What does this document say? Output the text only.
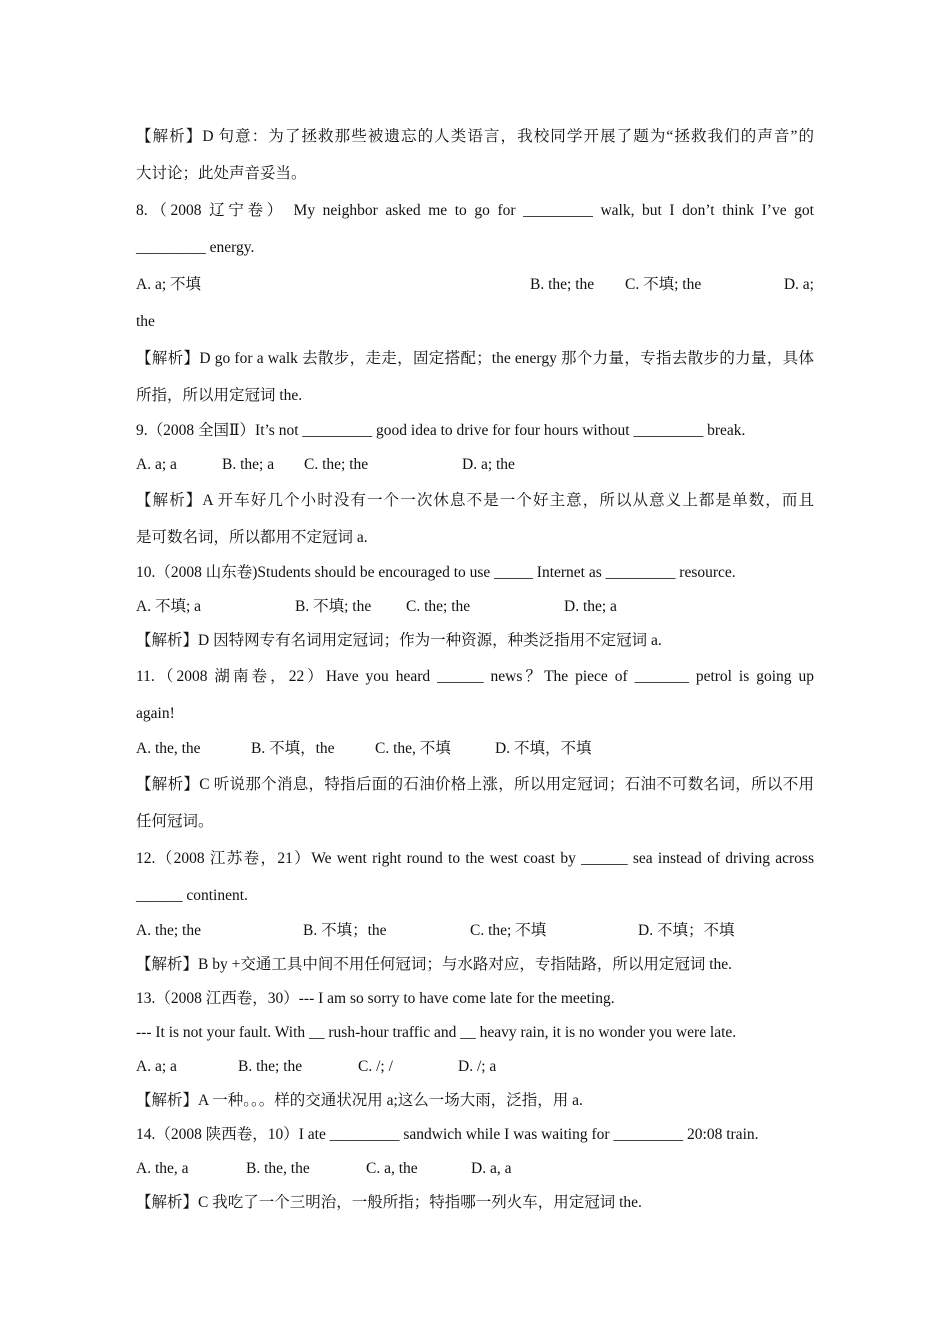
【解析】D 句意：为了拯救那些被遗忘的人类语言，我校同学开展了题为“拯救我们的声音”的
大讨论；此处声音妥当。
8.（2008 辽宁卷） My neighbor asked me to go for _________ walk, but I don’t think I’ve got
_________ energy.
A. a; 不填	B. the; the C. 不填; the	D. a;
the
【解析】D go for a walk 去散步，走走，固定搭配；the energy 那个力量，专指去散步的力量，具体
所指，所以用定冠词 the.
9.（2008 全国Ⅱ）It’s not _________ good idea to drive for four hours without _________ break.
A. a; a	B. the; a C. the; the	D. a; the
【解析】A 开车好几个小时没有一个一次休息不是一个好主意，所以从意义上都是单数，而且
是可数名词，所以都用不定冠词 a.
10.（2008 山东卷)Students should be encouraged to use _____ Internet as _________ resource.
A. 不填; a	B. 不填; the C. the; the	D. the; a
【解析】D 因特网专有名词用定冠词；作为一种资源，种类泛指用不定冠词 a.
11.（2008 湖南卷，22）Have you heard ______ news？The piece of _______ petrol is going up
again!
A. the, the	B. 不填，the	C. the, 不填	D. 不填，不填
【解析】C 听说那个消息，特指后面的石油价格上涨，所以用定冠词；石油不可数名词，所以不用
任何冠词。
12.（2008 江苏卷，21）We went right round to the west coast by ______ sea instead of driving across
______ continent.
A. the; the	B. 不填；the	C. the; 不填	D. 不填；不填
【解析】B by +交通工具中间不用任何冠词；与水路对应，专指陆路，所以用定冠词 the.
13.（2008 江西卷，30）--- I am so sorry to have come late for the meeting.
--- It is not your fault. With __ rush-hour traffic and __ heavy rain, it is no wonder you were late.
A. a; a	B. the; the	C. /; /	D. /; a
【解析】A 一种。。。样的交通状况用 a;这么一场大雨，泛指，用 a.
14.（2008 陕西卷，10）I ate _________ sandwich while I was waiting for _________ 20:08 train.
A. the, a	B. the, the	C. a, the	D. a, a
【解析】C 我吃了一个三明治，一般所指；特指哪一列火车，用定冠词 the.
